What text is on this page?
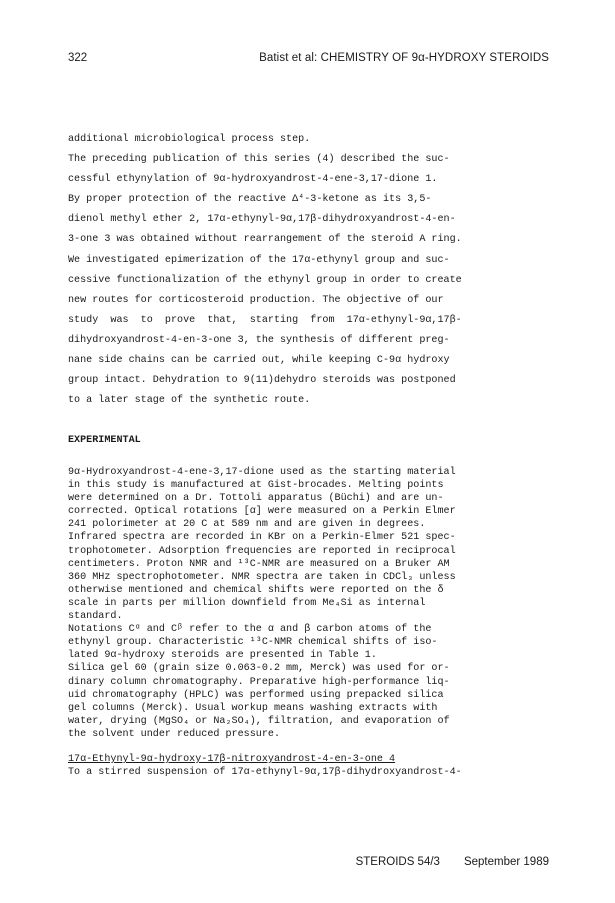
322	Batist et al: CHEMISTRY OF 9α-HYDROXY STEROIDS
additional microbiological process step.
The preceding publication of this series (4) described the suc-
cessful ethynylation of 9α-hydroxyandrost-4-ene-3,17-dione 1.
By proper protection of the reactive Δ⁴-3-ketone as its 3,5-
dienol methyl ether 2, 17α-ethynyl-9α,17β-dihydroxyandrost-4-en-
3-one 3 was obtained without rearrangement of the steroid A ring.
We investigated epimerization of the 17α-ethynyl group and suc-
cessive functionalization of the ethynyl group in order to create
new routes for corticosteroid production. The objective of our
study  was  to  prove  that,  starting  from  17α-ethynyl-9α,17β-
dihydroxyandrost-4-en-3-one 3, the synthesis of different preg-
nane side chains can be carried out, while keeping C-9α hydroxy
group intact. Dehydration to 9(11)dehydro steroids was postponed
to a later stage of the synthetic route.
EXPERIMENTAL
9α-Hydroxyandrost-4-ene-3,17-dione used as the starting material
in this study is manufactured at Gist-brocades. Melting points
were determined on a Dr. Tottoli apparatus (Büchi) and are un-
corrected. Optical rotations [α] were measured on a Perkin Elmer
241 polorimeter at 20 C at 589 nm and are given in degrees.
Infrared spectra are recorded in KBr on a Perkin-Elmer 521 spec-
trophotometer. Adsorption frequencies are reported in reciprocal
centimeters. Proton NMR and ¹³C-NMR are measured on a Bruker AM
360 MHz spectrophotometer. NMR spectra are taken in CDCl₃ unless
otherwise mentioned and chemical shifts were reported on the δ
scale in parts per million downfield from Me₄Si as internal
standard.
Notations Cᵅ and Cᵝ refer to the α and β carbon atoms of the
ethynyl group. Characteristic ¹³C-NMR chemical shifts of iso-
lated 9α-hydroxy steroids are presented in Table 1.
Silica gel 60 (grain size 0.063-0.2 mm, Merck) was used for or-
dinary column chromatography. Preparative high-performance liq-
uid chromatography (HPLC) was performed using prepacked silica
gel columns (Merck). Usual workup means washing extracts with
water, drying (MgSO₄ or Na₂SO₄), filtration, and evaporation of
the solvent under reduced pressure.
17α-Ethynyl-9α-hydroxy-17β-nitroxyandrost-4-en-3-one 4
To a stirred suspension of 17α-ethynyl-9α,17β-dihydroxyandrost-4-
STEROIDS 54/3 September 1989
